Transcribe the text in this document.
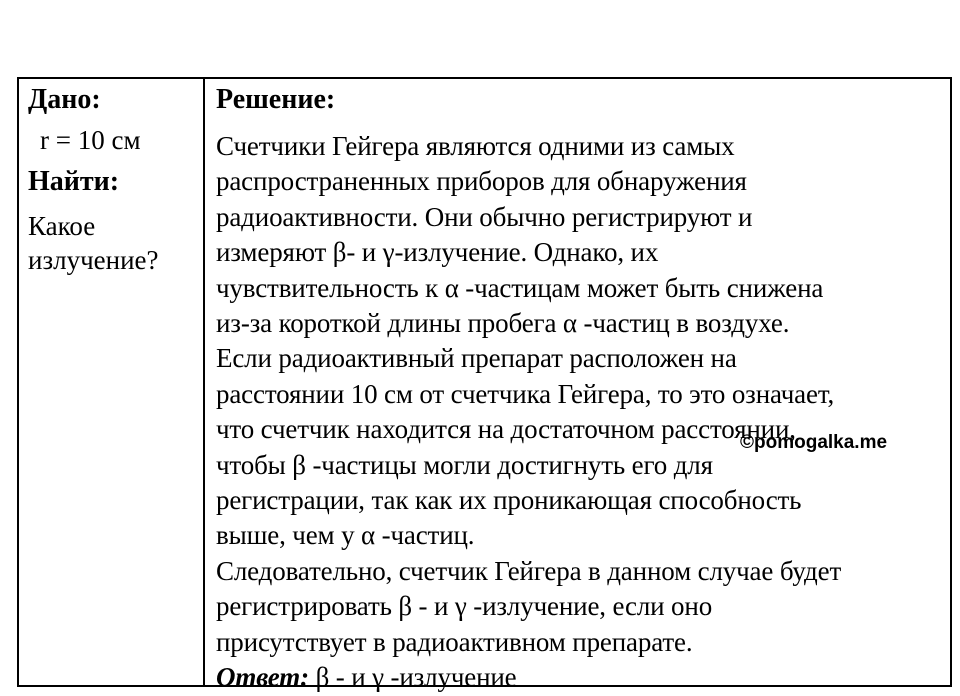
Дано:
r = 10 см
Найти:
Какое
излучение?
Решение:

Счетчики Гейгера являются одними из самых

распространенных приборов для обнаружения

радиоактивности. Они обычно регистрируют и

измеряют β- и γ-излучение. Однако, их

чувствительность к α -частицам может быть снижена

из-за короткой длины пробега α -частиц в воздухе.

Если радиоактивный препарат расположен на

расстоянии 10 см от счетчика Гейгера, то это означает,

что счетчик находится на достаточном расстоянии,

чтобы β -частицы могли достигнуть его для

регистрации, так как их проникающая способность

выше, чем у α -частиц.

Следовательно, счетчик Гейгера в данном случае будет

регистрировать β - и γ -излучение, если оно

присутствует в радиоактивном препарате.

Ответ: β - и γ -излучение

©pomogalka.me
